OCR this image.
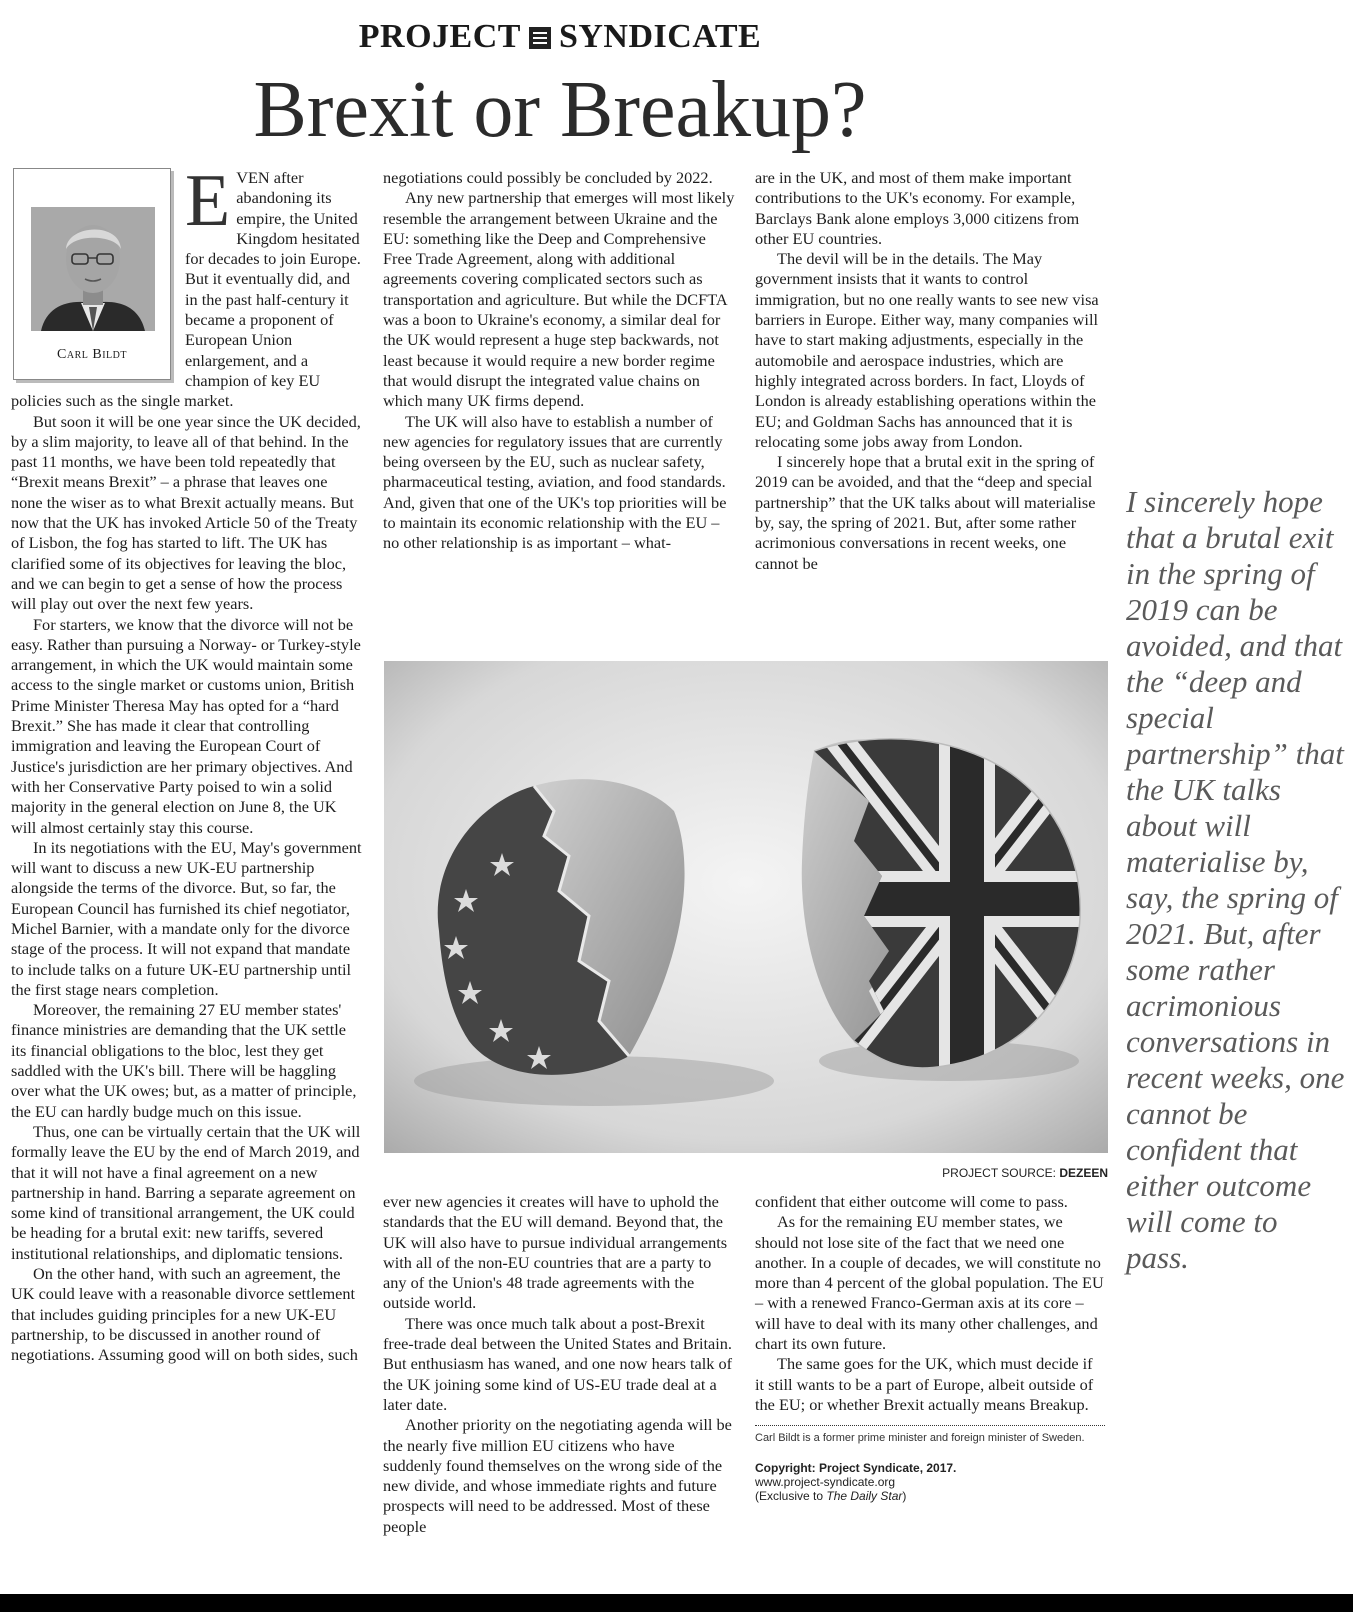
PROJECT SYNDICATE
Brexit or Breakup?
Carl Bildt
E VEN after abandoning its empire, the United Kingdom hesitated for decades to join Europe. But it eventually did, and in the past half-century it became a proponent of European Union enlargement, and a champion of key EU policies such as the single market.

But soon it will be one year since the UK decided, by a slim majority, to leave all of that behind. In the past 11 months, we have been told repeatedly that “Brexit means Brexit” – a phrase that leaves one none the wiser as to what Brexit actually means. But now that the UK has invoked Article 50 of the Treaty of Lisbon, the fog has started to lift. The UK has clarified some of its objectives for leaving the bloc, and we can begin to get a sense of how the process will play out over the next few years.

For starters, we know that the divorce will not be easy. Rather than pursuing a Norway- or Turkey-style arrangement, in which the UK would maintain some access to the single market or customs union, British Prime Minister Theresa May has opted for a “hard Brexit.” She has made it clear that controlling immigration and leaving the European Court of Justice's jurisdiction are her primary objectives. And with her Conservative Party poised to win a solid majority in the general election on June 8, the UK will almost certainly stay this course.

In its negotiations with the EU, May's government will want to discuss a new UK-EU partnership alongside the terms of the divorce. But, so far, the European Council has furnished its chief negotiator, Michel Barnier, with a mandate only for the divorce stage of the process. It will not expand that mandate to include talks on a future UK-EU partnership until the first stage nears completion.

Moreover, the remaining 27 EU member states' finance ministries are demanding that the UK settle its financial obligations to the bloc, lest they get saddled with the UK's bill. There will be haggling over what the UK owes; but, as a matter of principle, the EU can hardly budge much on this issue.

Thus, one can be virtually certain that the UK will formally leave the EU by the end of March 2019, and that it will not have a final agreement on a new partnership in hand. Barring a separate agreement on some kind of transitional arrangement, the UK could be heading for a brutal exit: new tariffs, severed institutional relationships, and diplomatic tensions.

On the other hand, with such an agreement, the UK could leave with a reasonable divorce settlement that includes guiding principles for a new UK-EU partnership, to be discussed in another round of negotiations. Assuming good will on both sides, such

negotiations could possibly be concluded by 2022.

Any new partnership that emerges will most likely resemble the arrangement between Ukraine and the EU: something like the Deep and Comprehensive Free Trade Agreement, along with additional agreements covering complicated sectors such as transportation and agriculture. But while the DCFTA was a boon to Ukraine's economy, a similar deal for the UK would represent a huge step backwards, not least because it would require a new border regime that would disrupt the integrated value chains on which many UK firms depend.

The UK will also have to establish a number of new agencies for regulatory issues that are currently being overseen by the EU, such as nuclear safety, pharmaceutical testing, aviation, and food standards. And, given that one of the UK's top priorities will be to maintain its economic relationship with the EU – no other relationship is as important – what-

are in the UK, and most of them make important contributions to the UK's economy. For example, Barclays Bank alone employs 3,000 citizens from other EU countries.

The devil will be in the details. The May government insists that it wants to control immigration, but no one really wants to see new visa barriers in Europe. Either way, many companies will have to start making adjustments, especially in the automobile and aerospace industries, which are highly integrated across borders. In fact, Lloyds of London is already establishing operations within the EU; and Goldman Sachs has announced that it is relocating some jobs away from London.

I sincerely hope that a brutal exit in the spring of 2019 can be avoided, and that the “deep and special partnership” that the UK talks about will materialise by, say, the spring of 2021. But, after some rather acrimonious conversations in recent weeks, one cannot be

PROJECT SOURCE: DEZEEN

ever new agencies it creates will have to uphold the standards that the EU will demand. Beyond that, the UK will also have to pursue individual arrangements with all of the non-EU countries that are a party to any of the Union's 48 trade agreements with the outside world.

There was once much talk about a post-Brexit free-trade deal between the United States and Britain. But enthusiasm has waned, and one now hears talk of the UK joining some kind of US-EU trade deal at a later date.

Another priority on the negotiating agenda will be the nearly five million EU citizens who have suddenly found themselves on the wrong side of the new divide, and whose immediate rights and future prospects will need to be addressed. Most of these people

confident that either outcome will come to pass.

As for the remaining EU member states, we should not lose site of the fact that we need one another. In a couple of decades, we will constitute no more than 4 percent of the global population. The EU – with a renewed Franco-German axis at its core – will have to deal with its many other challenges, and chart its own future.

The same goes for the UK, which must decide if it still wants to be a part of Europe, albeit outside of the EU; or whether Brexit actually means Breakup.

Carl Bildt is a former prime minister and foreign minister of Sweden.
Copyright: Project Syndicate, 2017.
www.project-syndicate.org
(Exclusive to The Daily Star)
I sincerely hope that a brutal exit in the spring of 2019 can be avoided, and that the “deep and special partnership” that the UK talks about will materialise by, say, the spring of 2021. But, after some rather acrimonious conversations in recent weeks, one cannot be confident that either outcome will come to pass.
